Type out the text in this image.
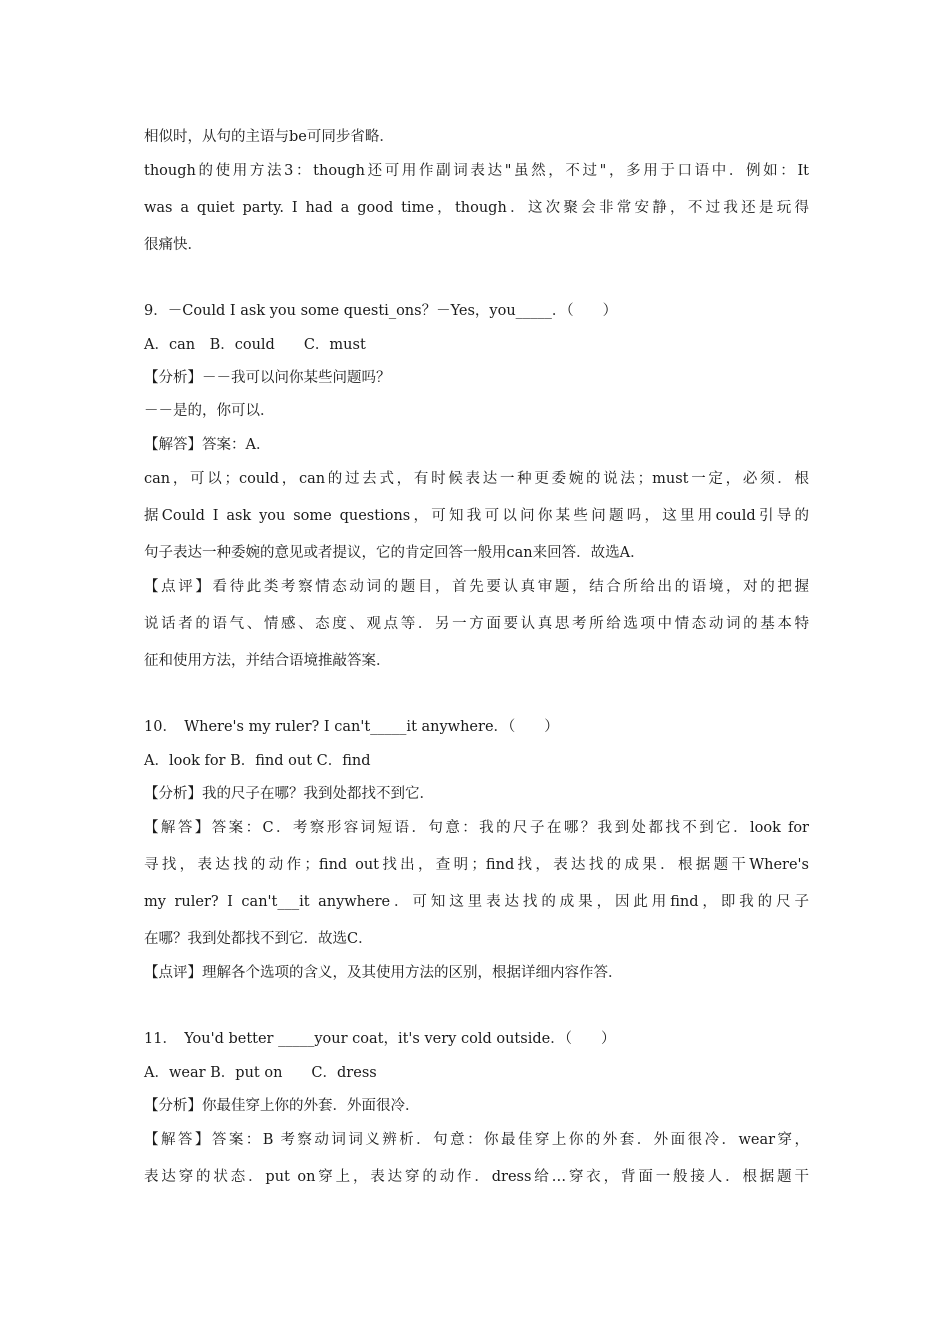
相似时，从句的主语与be可同步省略．
though的使用方法3：though还可用作副词表达"虽然，不过"，多用于口语中．例如：It
was a quiet party. I had a good time，though．这次聚会非常安静，不过我还是玩得
很痛快．
9．－Could I ask you some questi_ons？－Yes，you_____．（　　）
A．can　B．could　　C．must
【分析】－－我可以问你某些问题吗？
－－是的，你可以．
【解答】答案：A．
can，可以；could，can的过去式，有时候表达一种更委婉的说法；must一定，必须．根
据Could I ask you some questions，可知我可以问你某些问题吗，这里用could引导的
句子表达一种委婉的意见或者提议，它的肯定回答一般用can来回答．故选A．
【点评】看待此类考察情态动词的题目，首先要认真审题，结合所给出的语境，对的把握
说话者的语气、情感、态度、观点等．另一方面要认真思考所给选项中情态动词的基本特
征和使用方法，并结合语境推敲答案．
10．　Where's my ruler? I can't_____it anywhere．（　　）
A．look for B．find out C．find
【分析】我的尺子在哪？我到处都找不到它．
【解答】答案：C．考察形容词短语．句意：我的尺子在哪？我到处都找不到它．look for
寻找，表达找的动作；find out找出，查明；find找，表达找的成果．根据题干Where's
my ruler? I can't___it anywhere．可知这里表达找的成果，因此用find，即我的尺子
在哪？我到处都找不到它．故选C．
【点评】理解各个选项的含义，及其使用方法的区别，根据详细内容作答．
11．　You'd better _____your coat，it's very cold outside．（　　）
A．wear B．put on　　C．dress
【分析】你最佳穿上你的外套．外面很冷．
【解答】答案：B 考察动词词义辨析．句意：你最佳穿上你的外套．外面很冷．wear穿，
表达穿的状态．put on穿上，表达穿的动作．dress给…穿衣，背面一般接人．根据题干
